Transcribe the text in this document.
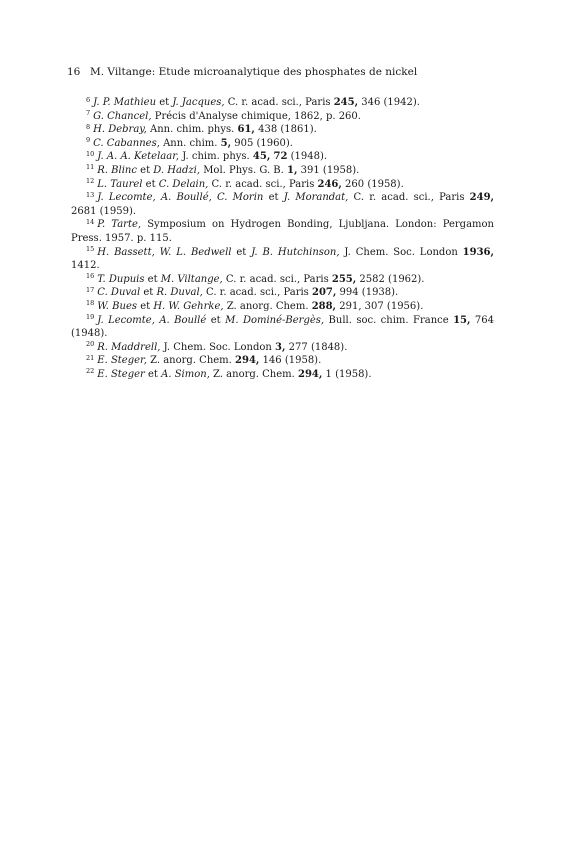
16 M. Viltange: Etude microanalytique des phosphates de nickel
$^6$ J. P. Mathieu et J. Jacques, C. r. acad. sci., Paris 245, 346 (1942).
$^7$ G. Chancel, Précis d'Analyse chimique, 1862, p. 260.
$^8$ H. Debray, Ann. chim. phys. 61, 438 (1861).
$^9$ C. Cabannes, Ann. chim. 5, 905 (1960).
$^{10}$ J. A. A. Ketelaar, J. chim. phys. 45, 72 (1948).
$^{11}$ R. Blinc et D. Hadzi, Mol. Phys. G. B. 1, 391 (1958).
$^{12}$ L. Taurel et C. Delain, C. r. acad. sci., Paris 246, 260 (1958).
$^{13}$ J. Lecomte, A. Boullé, C. Morin et J. Morandat, C. r. acad. sci., Paris 249, 2681 (1959).
$^{14}$ P. Tarte, Symposium on Hydrogen Bonding, Ljubljana. London: Pergamon Press. 1957. p. 115.
$^{15}$ H. Bassett, W. L. Bedwell et J. B. Hutchinson, J. Chem. Soc. London 1936, 1412.
$^{16}$ T. Dupuis et M. Viltange, C. r. acad. sci., Paris 255, 2582 (1962).
$^{17}$ C. Duval et R. Duval, C. r. acad. sci., Paris 207, 994 (1938).
$^{18}$ W. Bues et H. W. Gehrke, Z. anorg. Chem. 288, 291, 307 (1956).
$^{19}$ J. Lecomte, A. Boullé et M. Dominé-Bergès, Bull. soc. chim. France 15, 764 (1948).
$^{20}$ R. Maddrell, J. Chem. Soc. London 3, 277 (1848).
$^{21}$ E. Steger, Z. anorg. Chem. 294, 146 (1958).
$^{22}$ E. Steger et A. Simon, Z. anorg. Chem. 294, 1 (1958).
